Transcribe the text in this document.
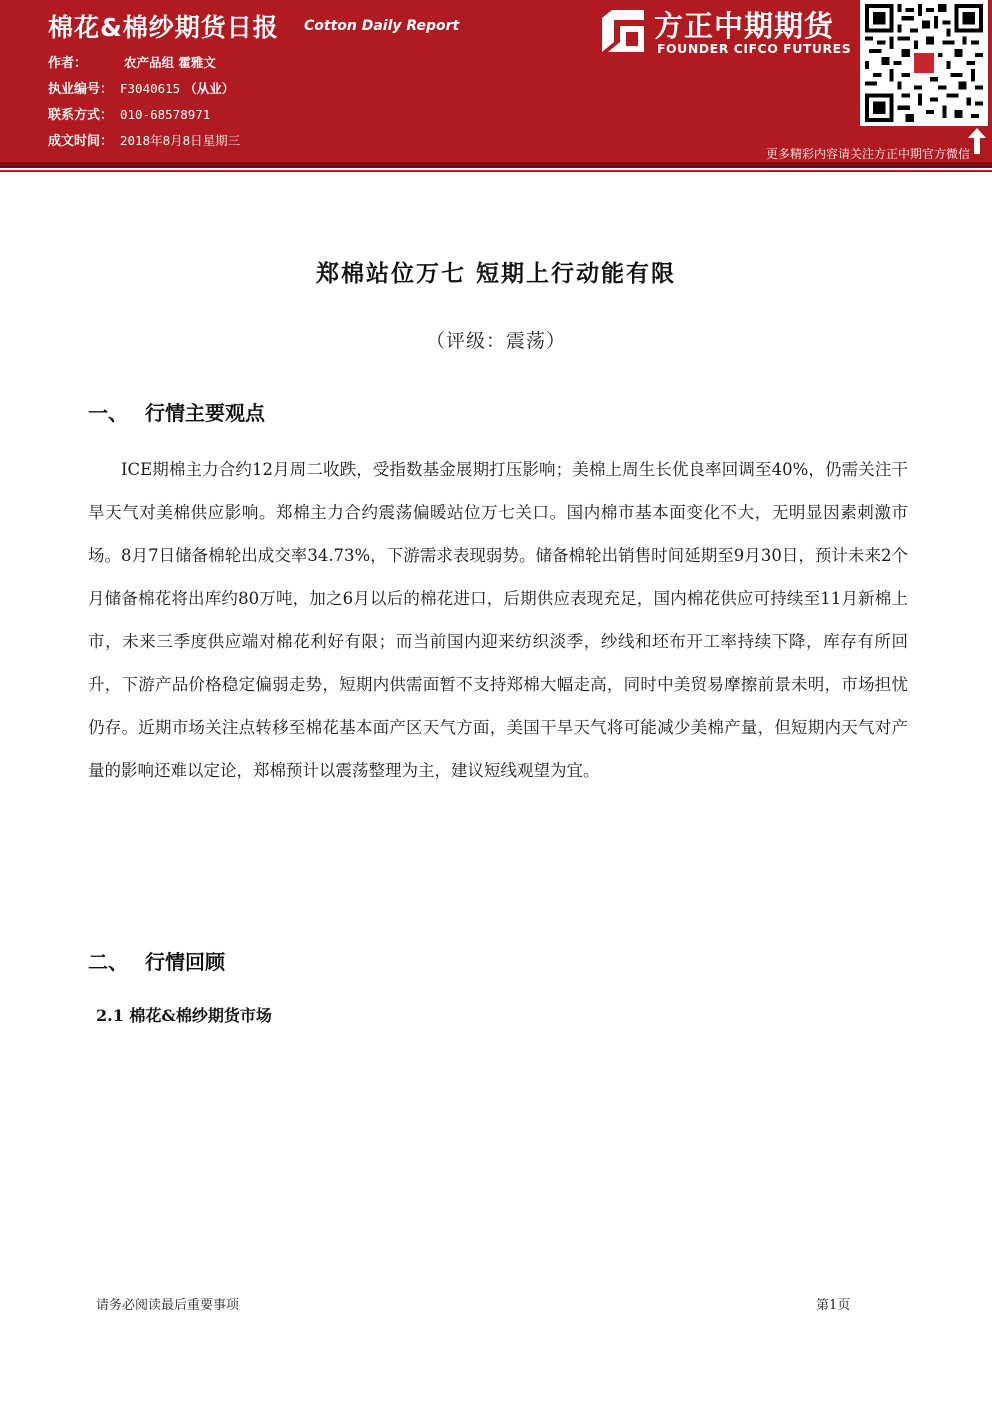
棉花&棉纱期货日报 Cotton Daily Report
作者：	农产品组 霍雅文
执业编号： F3040615 （从业）
联系方式： 010-68578971
成文时间： 2018年8月8日星期三
方正中期期货
FOUNDER CIFCO FUTURES
更多精彩内容请关注方正中期官方微信
郑棉站位万七 短期上行动能有限
（评级：震荡）
一、 行情主要观点
ICE期棉主力合约12月周二收跌，受指数基金展期打压影响；美棉上周生长优良率回调至40%，仍需关注干旱天气对美棉供应影响。郑棉主力合约震荡偏暖站位万七关口。国内棉市基本面变化不大，无明显因素刺激市场。8月7日储备棉轮出成交率34.73%，下游需求表现弱势。储备棉轮出销售时间延期至9月30日，预计未来2个月储备棉花将出库约80万吨，加之6月以后的棉花进口，后期供应表现充足，国内棉花供应可持续至11月新棉上市，未来三季度供应端对棉花利好有限；而当前国内迎来纺织淡季，纱线和坯布开工率持续下降，库存有所回升，下游产品价格稳定偏弱走势，短期内供需面暂不支持郑棉大幅走高，同时中美贸易摩擦前景未明，市场担忧仍存。近期市场关注点转移至棉花基本面产区天气方面，美国干旱天气将可能减少美棉产量，但短期内天气对产量的影响还难以定论，郑棉预计以震荡整理为主，建议短线观望为宜。
二、 行情回顾
2.1 棉花&棉纱期货市场
请务必阅读最后重要事项	第1页
